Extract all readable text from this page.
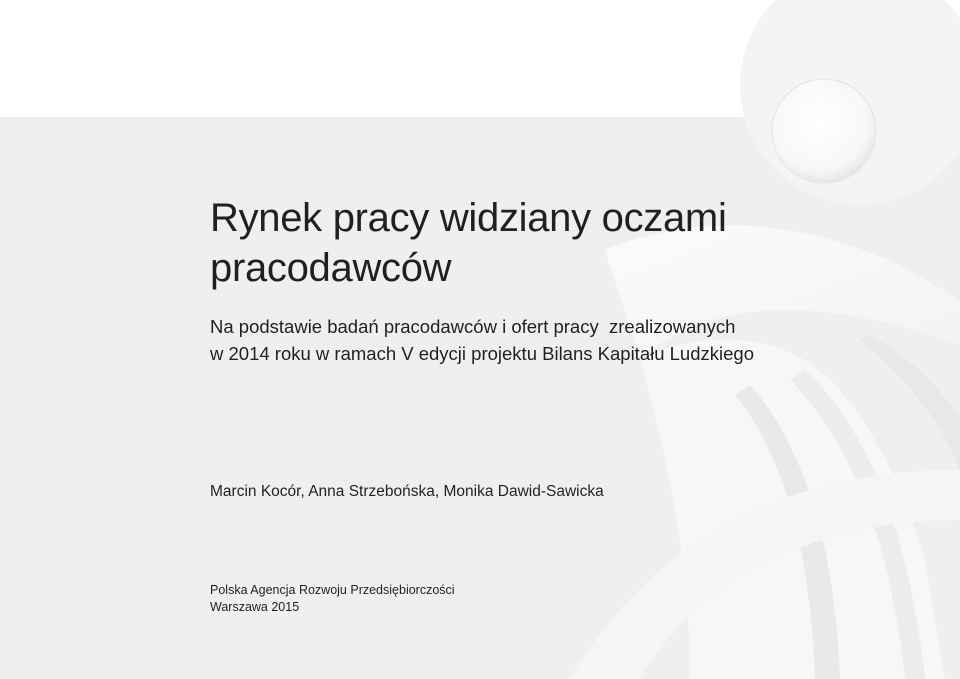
Rynek pracy widziany oczami
pracodawców

Na podstawie badań pracodawców i ofert pracy  zrealizowanych
w 2014 roku w ramach V edycji projektu Bilans Kapitału Ludzkiego

Marcin Kocór, Anna Strzebońska, Monika Dawid-Sawicka
Polska Agencja Rozwoju Przedsiębiorczości
Warszawa 2015
